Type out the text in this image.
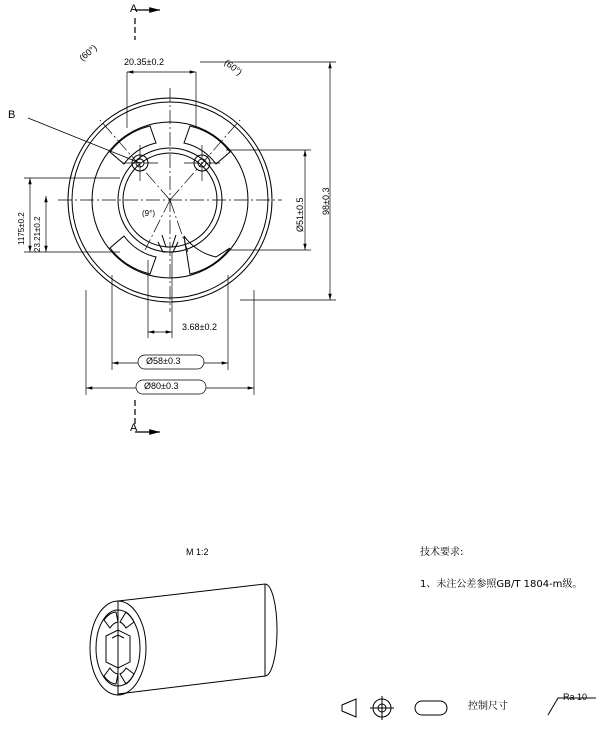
A
A
B
20.35±0.2
(60°)
(60°)
(9°)
1175±0.2 23.21±0.2
Ø51±0.5 98±0.3
3.68±0.2
Ø58±0.3
Ø80±0.3
M 1:2	技术要求:
1、未注公差参照GB/T 1804-m级。
控制尺寸
Ra 10
